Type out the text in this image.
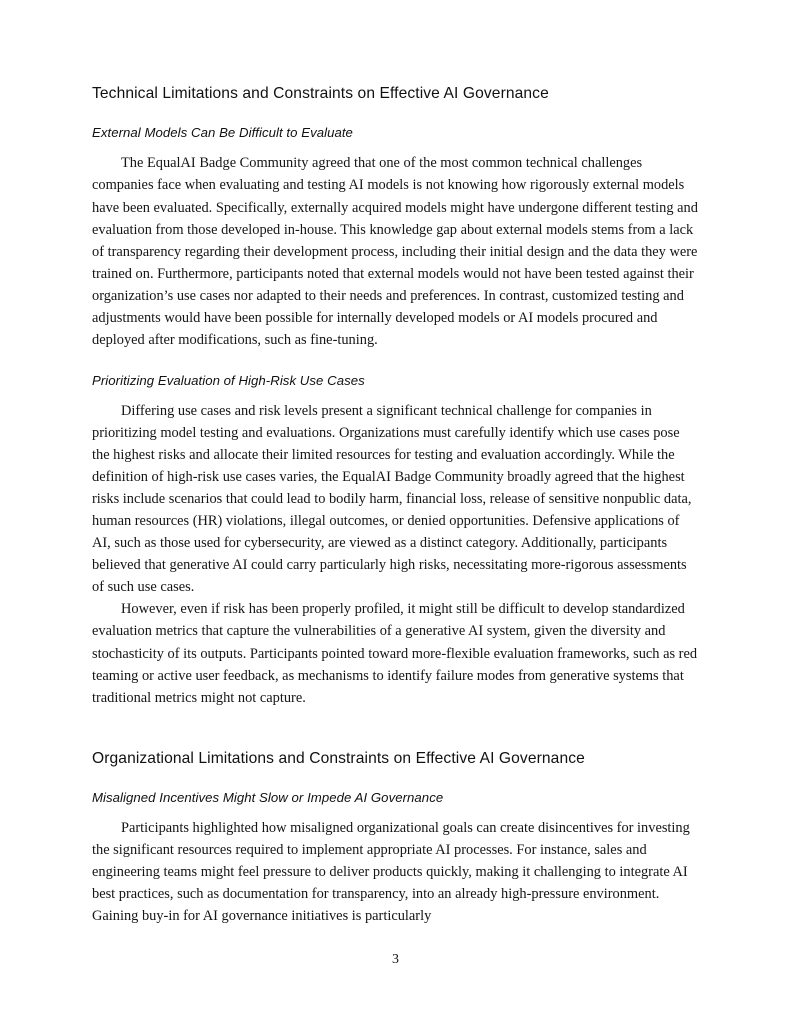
Technical Limitations and Constraints on Effective AI Governance
External Models Can Be Difficult to Evaluate

The EqualAI Badge Community agreed that one of the most common technical challenges companies face when evaluating and testing AI models is not knowing how rigorously external models have been evaluated. Specifically, externally acquired models might have undergone different testing and evaluation from those developed in-house. This knowledge gap about external models stems from a lack of transparency regarding their development process, including their initial design and the data they were trained on. Furthermore, participants noted that external models would not have been tested against their organization’s use cases nor adapted to their needs and preferences. In contrast, customized testing and adjustments would have been possible for internally developed models or AI models procured and deployed after modifications, such as fine-tuning.

Prioritizing Evaluation of High-Risk Use Cases

Differing use cases and risk levels present a significant technical challenge for companies in prioritizing model testing and evaluations. Organizations must carefully identify which use cases pose the highest risks and allocate their limited resources for testing and evaluation accordingly. While the definition of high-risk use cases varies, the EqualAI Badge Community broadly agreed that the highest risks include scenarios that could lead to bodily harm, financial loss, release of sensitive nonpublic data, human resources (HR) violations, illegal outcomes, or denied opportunities. Defensive applications of AI, such as those used for cybersecurity, are viewed as a distinct category. Additionally, participants believed that generative AI could carry particularly high risks, necessitating more-rigorous assessments of such use cases.

However, even if risk has been properly profiled, it might still be difficult to develop standardized evaluation metrics that capture the vulnerabilities of a generative AI system, given the diversity and stochasticity of its outputs. Participants pointed toward more-flexible evaluation frameworks, such as red teaming or active user feedback, as mechanisms to identify failure modes from generative systems that traditional metrics might not capture.

Organizational Limitations and Constraints on Effective AI Governance
Misaligned Incentives Might Slow or Impede AI Governance

Participants highlighted how misaligned organizational goals can create disincentives for investing the significant resources required to implement appropriate AI processes. For instance, sales and engineering teams might feel pressure to deliver products quickly, making it challenging to integrate AI best practices, such as documentation for transparency, into an already high-pressure environment. Gaining buy-in for AI governance initiatives is particularly

3
